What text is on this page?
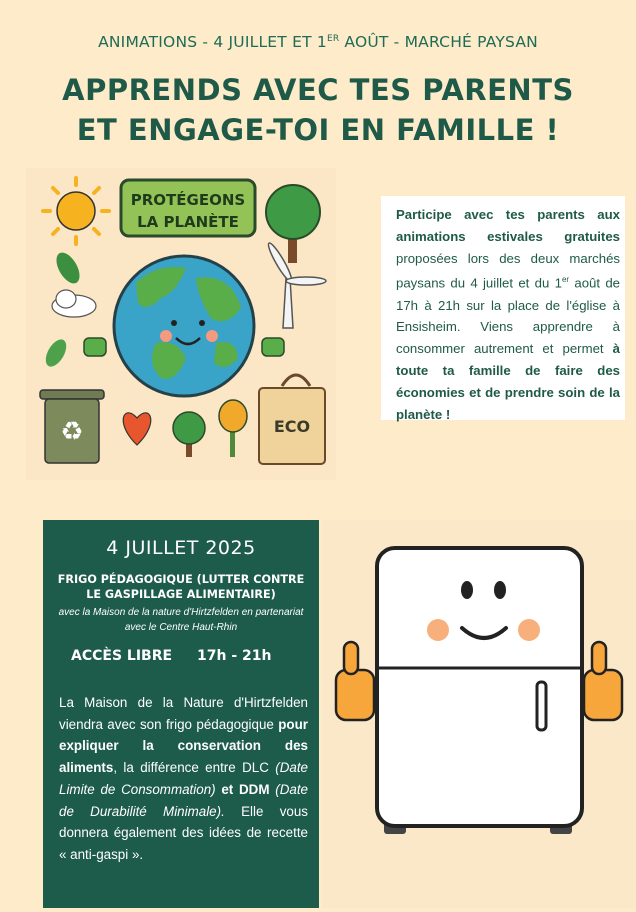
ANIMATIONS - 4 JUILLET ET 1ER AOÛT - MARCHÉ PAYSAN
APPRENDS AVEC TES PARENTS
ET ENGAGE-TOI EN FAMILLE !
PROTÉGEONS
LA PLANÈTE
♻	ECO
Participe avec tes parents aux animations estivales gratuites proposées lors des deux marchés paysans du 4 juillet et du 1er août de 17h à 21h sur la place de l'église à Ensisheim. Viens apprendre à consommer autrement et permet à toute ta famille de faire des économies et de prendre soin de la planète !
4 JUILLET 2025
FRIGO PÉDAGOGIQUE (LUTTER CONTRE LE GASPILLAGE ALIMENTAIRE)
avec la Maison de la nature d'Hirtzfelden en partenariat avec le Centre Haut-Rhin
ACCÈS LIBRE 17h - 21h
La Maison de la Nature d'Hirtzfelden viendra avec son frigo pédagogique pour expliquer la conservation des aliments, la différence entre DLC (Date Limite de Consommation) et DDM (Date de Durabilité Minimale). Elle vous donnera également des idées de recette « anti-gaspi ».
